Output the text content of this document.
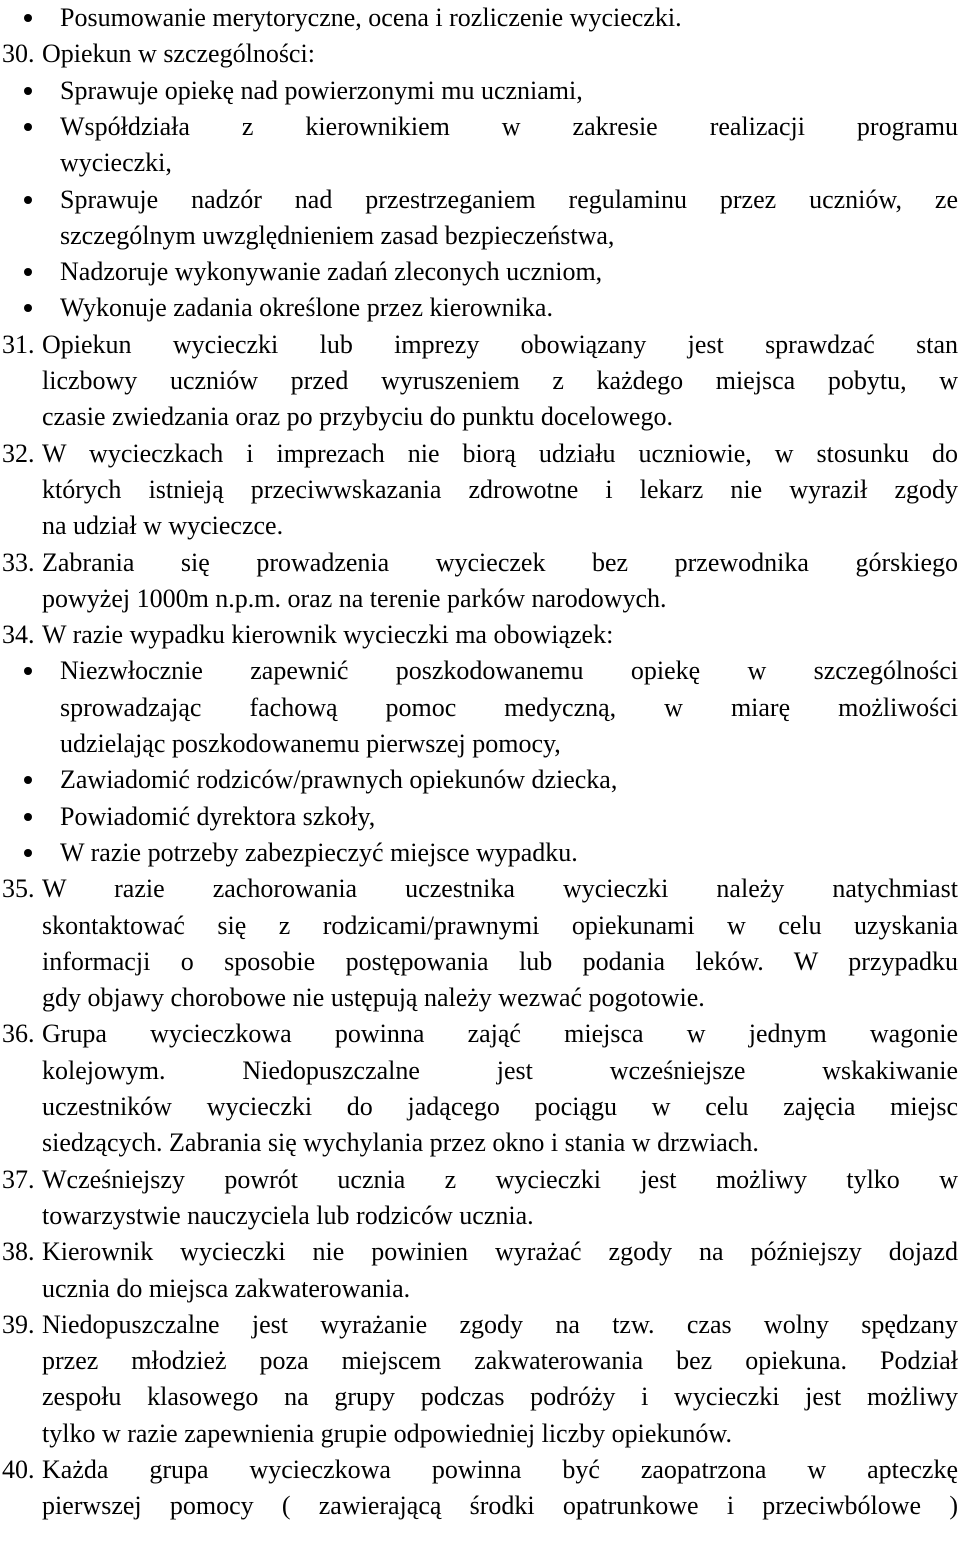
Posumowanie merytoryczne, ocena i rozliczenie wycieczki.
30. Opiekun w szczególności:
Sprawuje opiekę nad powierzonymi mu uczniami,
Współdziała z kierownikiem w zakresie realizacji programu
wycieczki,
Sprawuje nadzór nad przestrzeganiem regulaminu przez uczniów, ze
szczególnym uwzględnieniem zasad bezpieczeństwa,
Nadzoruje wykonywanie zadań zleconych uczniom,
Wykonuje zadania określone przez kierownika.
31. Opiekun wycieczki lub imprezy obowiązany jest sprawdzać stan
liczbowy uczniów przed wyruszeniem z każdego miejsca pobytu, w
czasie zwiedzania oraz po przybyciu do punktu docelowego.
32. W wycieczkach i imprezach nie biorą udziału uczniowie, w stosunku do
których istnieją przeciwwskazania zdrowotne i lekarz nie wyraził zgody
na udział w wycieczce.
33. Zabrania się prowadzenia wycieczek bez przewodnika górskiego
powyżej 1000m n.p.m. oraz na terenie parków narodowych.
34. W razie wypadku kierownik wycieczki ma obowiązek:
Niezwłocznie zapewnić poszkodowanemu opiekę w szczególności
sprowadzając fachową pomoc medyczną, w miarę możliwości
udzielając poszkodowanemu pierwszej pomocy,
Zawiadomić rodziców/prawnych opiekunów dziecka,
Powiadomić dyrektora szkoły,
W razie potrzeby zabezpieczyć miejsce wypadku.
35. W razie zachorowania uczestnika wycieczki należy natychmiast
skontaktować się z rodzicami/prawnymi opiekunami w celu uzyskania
informacji o sposobie postępowania lub podania leków. W przypadku
gdy objawy chorobowe nie ustępują należy wezwać pogotowie.
36. Grupa wycieczkowa powinna zająć miejsca w jednym wagonie
kolejowym. Niedopuszczalne jest wcześniejsze wskakiwanie
uczestników wycieczki do jadącego pociągu w celu zajęcia miejsc
siedzących. Zabrania się wychylania przez okno i stania w drzwiach.
37. Wcześniejszy powrót ucznia z wycieczki jest możliwy tylko w
towarzystwie nauczyciela lub rodziców ucznia.
38. Kierownik wycieczki nie powinien wyrażać zgody na późniejszy dojazd
ucznia do miejsca zakwaterowania.
39. Niedopuszczalne jest wyrażanie zgody na tzw. czas wolny spędzany
przez młodzież poza miejscem zakwaterowania bez opiekuna. Podział
zespołu klasowego na grupy podczas podróży i wycieczki jest możliwy
tylko w razie zapewnienia grupie odpowiedniej liczby opiekunów.
40. Każda grupa wycieczkowa powinna być zaopatrzona w apteczkę
pierwszej pomocy ( zawierającą środki opatrunkowe i przeciwbólowe )
